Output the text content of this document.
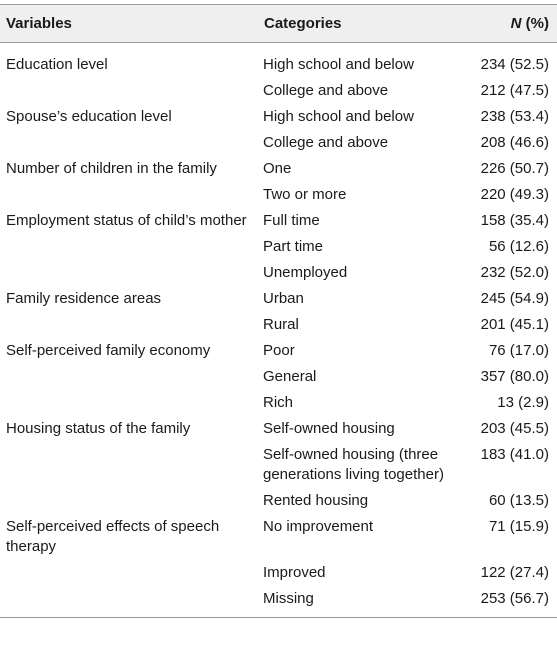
Variables	Categories	N (%)
Education level	High school and below	234 (52.5)
	College and above	212 (47.5)
Spouse’s education level	High school and below	238 (53.4)
	College and above	208 (46.6)
Number of children in the family	One	226 (50.7)
	Two or more	220 (49.3)
Employment status of child’s mother	Full time	158 (35.4)
	Part time	56 (12.6)
	Unemployed	232 (52.0)
Family residence areas	Urban	245 (54.9)
	Rural	201 (45.1)
Self-perceived family economy	Poor	76 (17.0)
	General	357 (80.0)
	Rich	13 (2.9)
Housing status of the family	Self-owned housing	203 (45.5)
	Self-owned housing (three generations living together)	183 (41.0)
	Rented housing	60 (13.5)
Self-perceived effects of speech therapy	No improvement	71 (15.9)
	Improved	122 (27.4)
	Missing	253 (56.7)
